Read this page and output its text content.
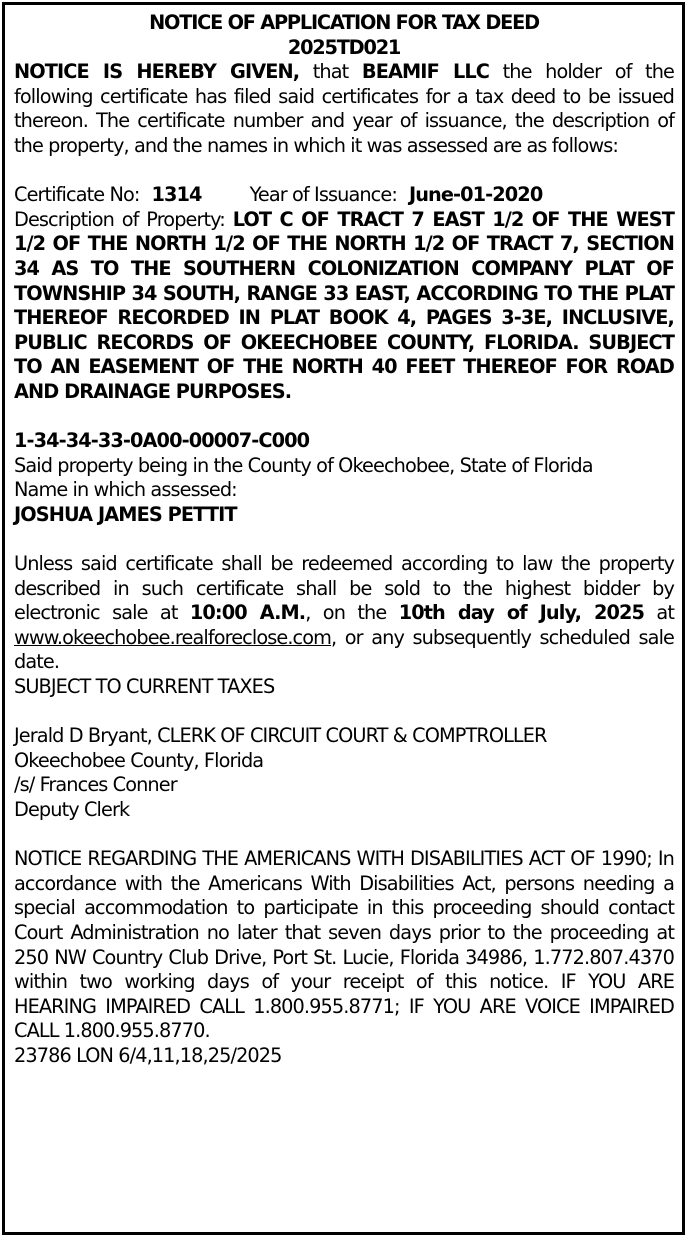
NOTICE OF APPLICATION FOR TAX DEED
2025TD021

NOTICE IS HEREBY GIVEN, that BEAMIF LLC the holder of the following certificate has filed said certificates for a tax deed to be issued thereon. The certificate number and year of issuance, the description of the property, and the names in which it was assessed are as follows:

Certificate No: 1314 Year of Issuance: June-01-2020

Description of Property: LOT C OF TRACT 7 EAST 1/2 OF THE WEST 1/2 OF THE NORTH 1/2 OF THE NORTH 1/2 OF TRACT 7, SECTION 34 AS TO THE SOUTHERN COLONIZATION COMPANY PLAT OF TOWNSHIP 34 SOUTH, RANGE 33 EAST, ACCORDING TO THE PLAT THEREOF RECORDED IN PLAT BOOK 4, PAGES 3-3E, INCLUSIVE, PUBLIC RECORDS OF OKEECHOBEE COUNTY, FLORIDA. SUBJECT TO AN EASEMENT OF THE NORTH 40 FEET THEREOF FOR ROAD AND DRAINAGE PURPOSES.

1-34-34-33-0A00-00007-C000

Said property being in the County of Okeechobee, State of Florida

Name in which assessed:

JOSHUA JAMES PETTIT

Unless said certificate shall be redeemed according to law the property described in such certificate shall be sold to the highest bidder by electronic sale at 10:00 A.M., on the 10th day of July, 2025 at www.okeechobee.realforeclose.com, or any subsequently scheduled sale date.

SUBJECT TO CURRENT TAXES

Jerald D Bryant, CLERK OF CIRCUIT COURT & COMPTROLLER

Okeechobee County, Florida

/s/ Frances Conner

Deputy Clerk

NOTICE REGARDING THE AMERICANS WITH DISABILITIES ACT OF 1990; In accordance with the Americans With Disabilities Act, persons needing a special accommodation to participate in this proceeding should contact Court Administration no later that seven days prior to the proceeding at 250 NW Country Club Drive, Port St. Lucie, Florida 34986, 1.772.807.4370 within two working days of your receipt of this notice. IF YOU ARE HEARING IMPAIRED CALL 1.800.955.8771; IF YOU ARE VOICE IMPAIRED CALL 1.800.955.8770.

23786 LON 6/4,11,18,25/2025
